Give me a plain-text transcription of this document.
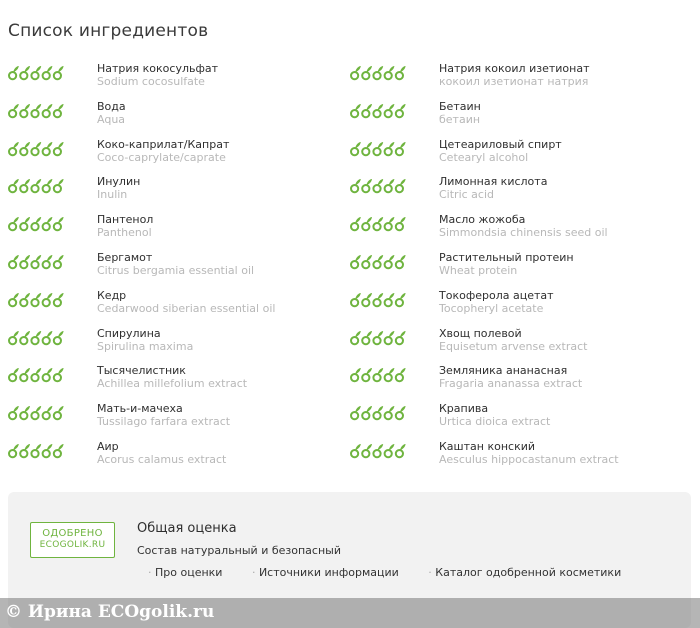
Список ингредиентов
Натрия кокосульфат
Sodium cocosulfate
Вода
Aqua
Коко-каприлат/Капрат
Coco-caprylate/caprate
Инулин
Inulin
Пантенол
Panthenol
Бергамот
Citrus bergamia essential oil
Кедр
Cedarwood siberian essential oil
Спирулина
Spirulina maxima
Тысячелистник
Achillea millefolium extract
Мать-и-мачеха
Tussilago farfara extract
Аир
Acorus calamus extract
Натрия кокоил изетионат
кокоил изетионат натрия
Бетаин
бетаин
Цетеариловый спирт
Cetearyl alcohol
Лимонная кислота
Citric acid
Масло жожоба
Simmondsia chinensis seed oil
Растительный протеин
Wheat protein
Токоферола ацетат
Tocopheryl acetate
Хвощ полевой
Equisetum arvense extract
Земляника ананасная
Fragaria ananassa extract
Крапива
Urtica dioica extract
Каштан конский
Aesculus hippocastanum extract
ОДОБРЕНО
ECOGOLIK.RU
Общая оценка
Состав натуральный и безопасный
· Про оценки	· Источники информации	· Каталог одобренной косметики
© Ирина ECOgolik.ru
